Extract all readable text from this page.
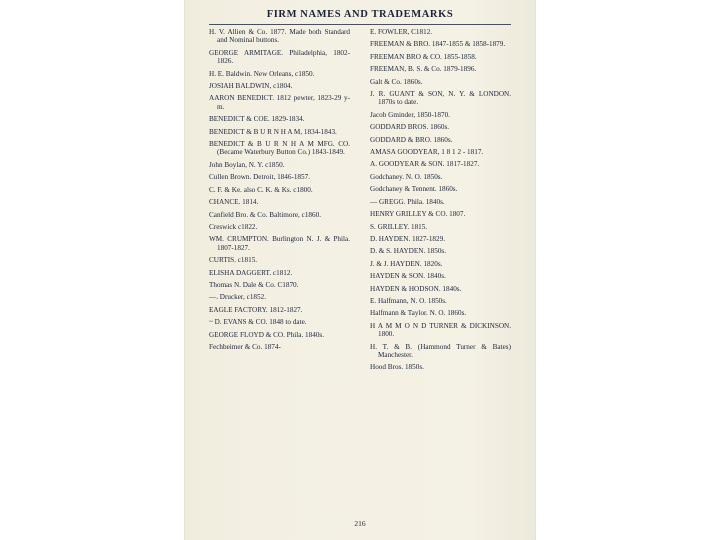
FIRM NAMES AND TRADEMARKS

H. V. Allien & Co. 1877. Made both Standard and Nominal buttons.

GEORGE ARMITAGE. Philadelphia, 1802-1826.

H. E. Baldwin. New Orleans, c1850.

JOSIAH BALDWIN, c1804.

AARON BENEDICT. 1812 pewter, 1823-29 y-m.

BENEDICT & COE. 1829-1834.

BENEDICT & B U R N H A M, 1834-1843.

BENEDICT & B U R N H A M MFG. CO. (Became Waterbury Button Co.) 1843-1849.

John Boylan, N. Y. c1850.

Cullen Brown. Detroit, 1846-1857.

C. F. & Ke. also C. K. & Ks. c1800.

CHANCE. 1814.

Canfield Bro. & Co. Baltimore, c1860.

Creswick c1822.

WM. CRUMPTON. Burlington N. J. & Phila. 1807-1827.

CURTIS. c1815.

ELISHA DAGGERT. c1812.

Thomas N. Dale & Co. C1870.

—. Drucker, c1852.

EAGLE FACTORY. 1812-1827.

~ D. EVANS & CO. 1848 to date.

GEORGE FLOYD & CO. Phila. 1840s.

Fechbeimer & Co. 1874-

E. FOWLER, C1812.

FREEMAN & BRO. 1847-1855 & 1858-1879.

FREEMAN BRO & CO. 1855-1858.

FREEMAN, B. S. & Co. 1879-1896.

Galt & Co. 1860s.

J. R. GUANT & SON, N. Y. & LONDON. 1870s to date.

Jacob Gminder, 1850-1870.

GODDARD BROS. 1860s.

GODDARD & BRO. 1860s.

AMASA GOODYEAR, 1 8 1 2 - 1817.

A. GOODYEAR & SON. 1817-1827.

Godchaney. N. O. 1850s.

Godchaney & Tennent. 1860s.

— GREGG. Phila. 1840s.

HENRY GRILLEY & CO. 1807.

S. GRILLEY. 1815.

D. HAYDEN. 1827-1829.

D. & S. HAYDEN. 1850s.

J. & J. HAYDEN. 1820s.

HAYDEN & SON. 1840s.

HAYDEN & HODSON. 1840s.

E. Halfmann, N. O. 1850s.

Halfmann & Taylor. N. O. 1860s.

H A M M O N D TURNER & DICKINSON. 1800.

H. T. & B. (Hammond Turner & Bates) Manchester.

Hood Bros. 1850s.

216
